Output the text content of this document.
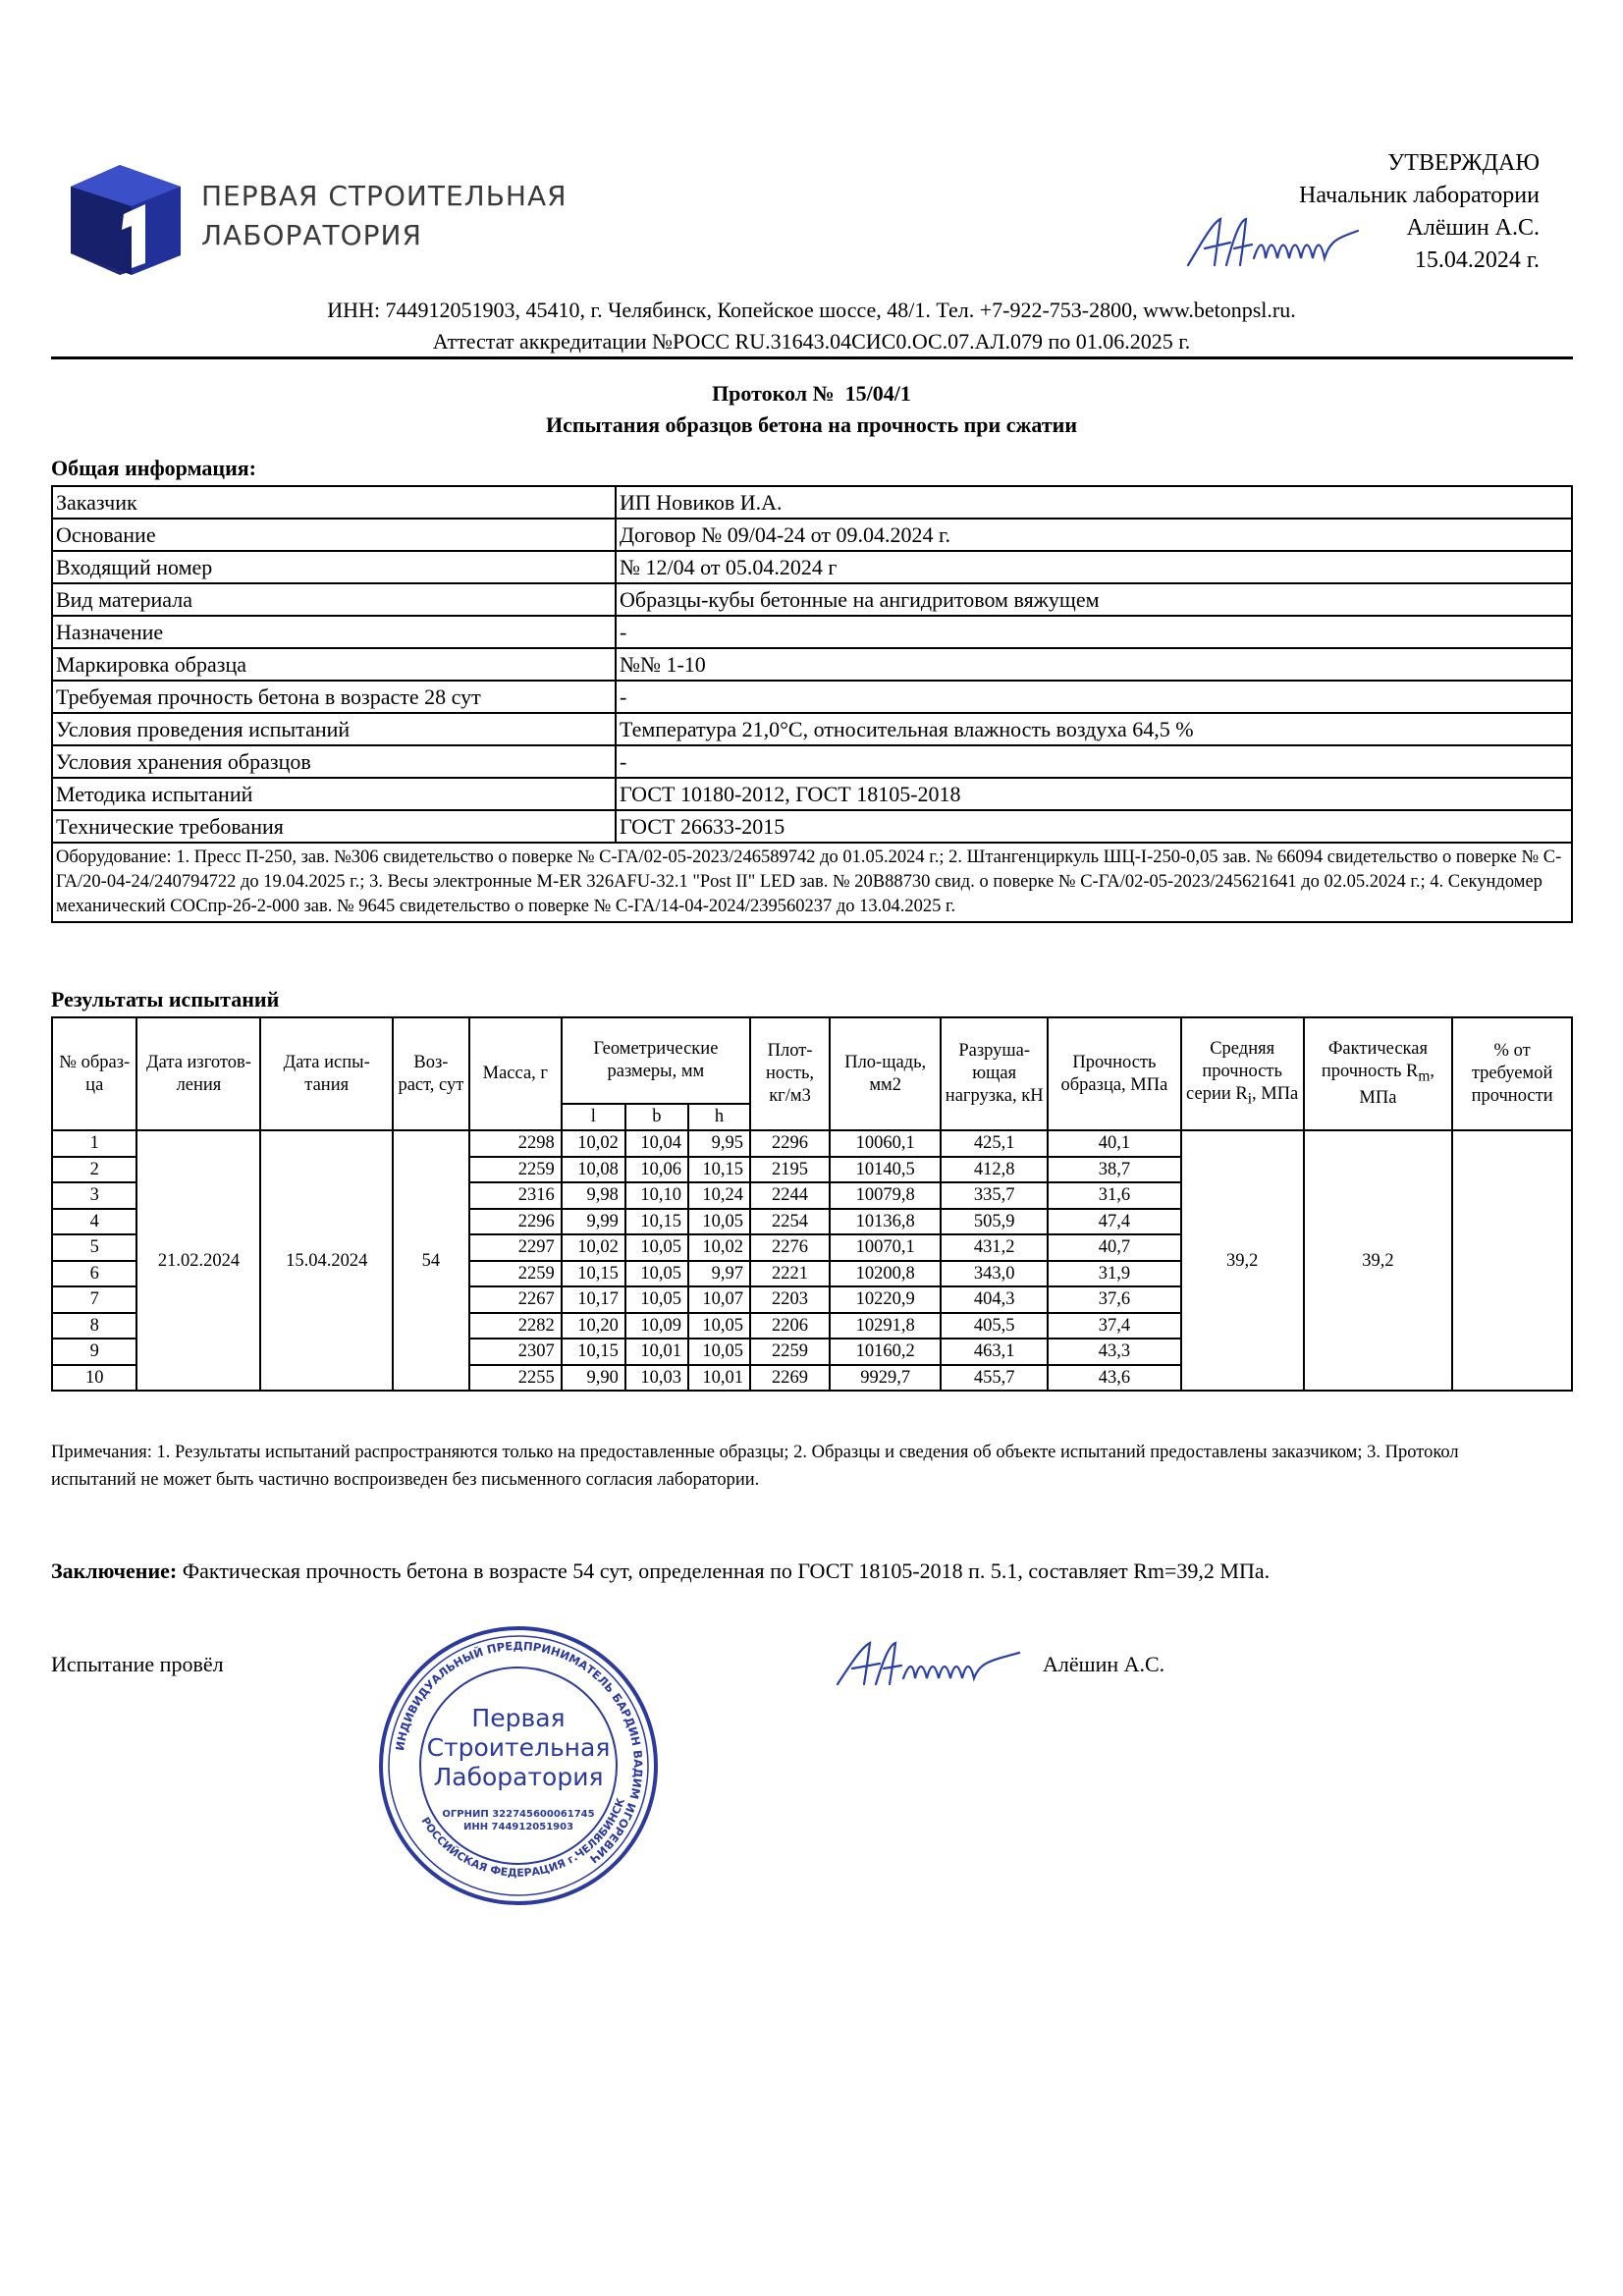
ПЕРВАЯ СТРОИТЕЛЬНАЯ
ЛАБОРАТОРИЯ
УТВЕРЖДАЮ
Начальник лаборатории
Алёшин А.С.
15.04.2024 г.
ИНН: 744912051903, 45410, г. Челябинск, Копейское шоссе, 48/1. Тел. +7-922-753-2800, www.betonpsl.ru.
Аттестат аккредитации №РОСС RU.31643.04СИС0.ОС.07.АЛ.079 по 01.06.2025 г.
Протокол №  15/04/1
Испытания образцов бетона на прочность при сжатии
Общая информация:
Заказчик	ИП Новиков И.А.
Основание	Договор № 09/04-24 от 09.04.2024 г.
Входящий номер	№ 12/04 от 05.04.2024 г
Вид материала	Образцы-кубы бетонные на ангидритовом вяжущем
Назначение	-
Маркировка образца	№№ 1-10
Требуемая прочность бетона в возрасте 28 сут	-
Условия проведения испытаний	Температура 21,0°С, относительная влажность воздуха 64,5 %
Условия хранения образцов	-
Методика испытаний	ГОСТ 10180-2012, ГОСТ 18105-2018
Технические требования	ГОСТ 26633-2015
Оборудование: 1. Пресс П-250, зав. №306 свидетельство о поверке № С-ГА/02-05-2023/246589742 до 01.05.2024 г.; 2. Штангенциркуль ШЦ-I-250-0,05 зав. № 66094 свидетельство о поверке № С-ГА/20-04-24/240794722 до 19.04.2025 г.; 3. Весы электронные M-ER 326AFU-32.1 "Post II" LED зав. № 20B88730 свид. о поверке № С-ГА/02-05-2023/245621641 до 02.05.2024 г.; 4. Секундомер механический СОСпр-2б-2-000 зав. № 9645 свидетельство о поверке № С-ГА/14-04-2024/239560237 до 13.04.2025 г.	
Результаты испытаний
№ образ-ца	Дата изготов-ления	Дата испы-тания	Воз-раст, сут	Масса, г	Геометрические размеры, мм			Плот-ность, кг/м3	Пло-щадь, мм2	Разруша-ющая нагрузка, кН	Прочность образца, МПа	Средняя прочность серии $R_i$, МПа	Фактическая прочность $R_m$, МПа	% от требуемой прочности
					l	b	h							
1	21.02.2024	15.04.2024	54	2298	10,02	10,04	9,95	2296	10060,1	425,1	40,1	39,2	39,2	
2				2259	10,08	10,06	10,15	2195	10140,5	412,8	38,7			
3				2316	9,98	10,10	10,24	2244	10079,8	335,7	31,6			
4				2296	9,99	10,15	10,05	2254	10136,8	505,9	47,4			
5				2297	10,02	10,05	10,02	2276	10070,1	431,2	40,7			
6				2259	10,15	10,05	9,97	2221	10200,8	343,0	31,9			
7				2267	10,17	10,05	10,07	2203	10220,9	404,3	37,6			
8				2282	10,20	10,09	10,05	2206	10291,8	405,5	37,4			
9				2307	10,15	10,01	10,05	2259	10160,2	463,1	43,3			
10				2255	9,90	10,03	10,01	2269	9929,7	455,7	43,6			
Примечания: 1. Результаты испытаний распространяются только на предоставленные образцы; 2. Образцы и сведения об объекте испытаний предоставлены заказчиком; 3. Протокол испытаний не может быть частично воспроизведен без письменного согласия лаборатории.
Заключение: Фактическая прочность бетона в возрасте 54 сут, определенная по ГОСТ 18105-2018 п. 5.1, составляет Rm=39,2 МПа.
Испытание провёл	Алёшин А.С.
ИНДИВИДУАЛЬНЫЙ ПРЕДПРИНИМАТЕЛЬ БАРДИН ВАДИМ ИГОРЕВИЧ
РОССИЙСКАЯ ФЕДЕРАЦИЯ г.ЧЕЛЯБИНСК
Первая
Строительная
Лаборатория
ОГРНИП 322745600061745
ИНН 744912051903
